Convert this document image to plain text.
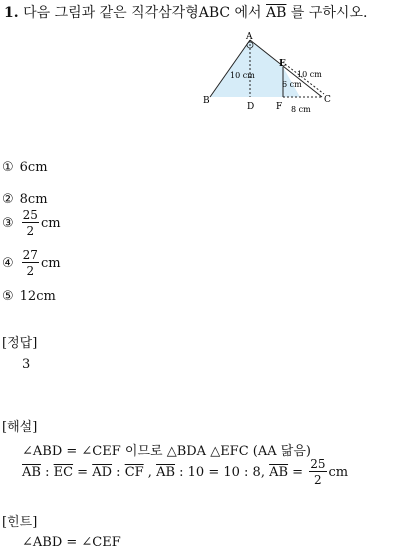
1. 다음 그림과 같은 직각삼각형ABC 에서 $\overline{AB}$ 를 구하시오.
A
B	C
D
E
F
10 cm	10 cm
6 cm
8 cm
① 6cm
② 8cm
③ $\frac{25}{2}$ cm
④ $\frac{27}{2}$ cm
⑤ 12cm
[정답]
3
[해설]
∠ABD = ∠CEF 이므로 △BDA △EFC (AA 닮음)
$\overline{AB}$ : $\overline{EC} = \overline{AD}$ : $\overline{CF}$ , $\overline{AB}$ : 10 = 10 : 8, $\overline{AB} = \frac{25}{2}$ cm
[힌트]
∠ABD = ∠CEF
